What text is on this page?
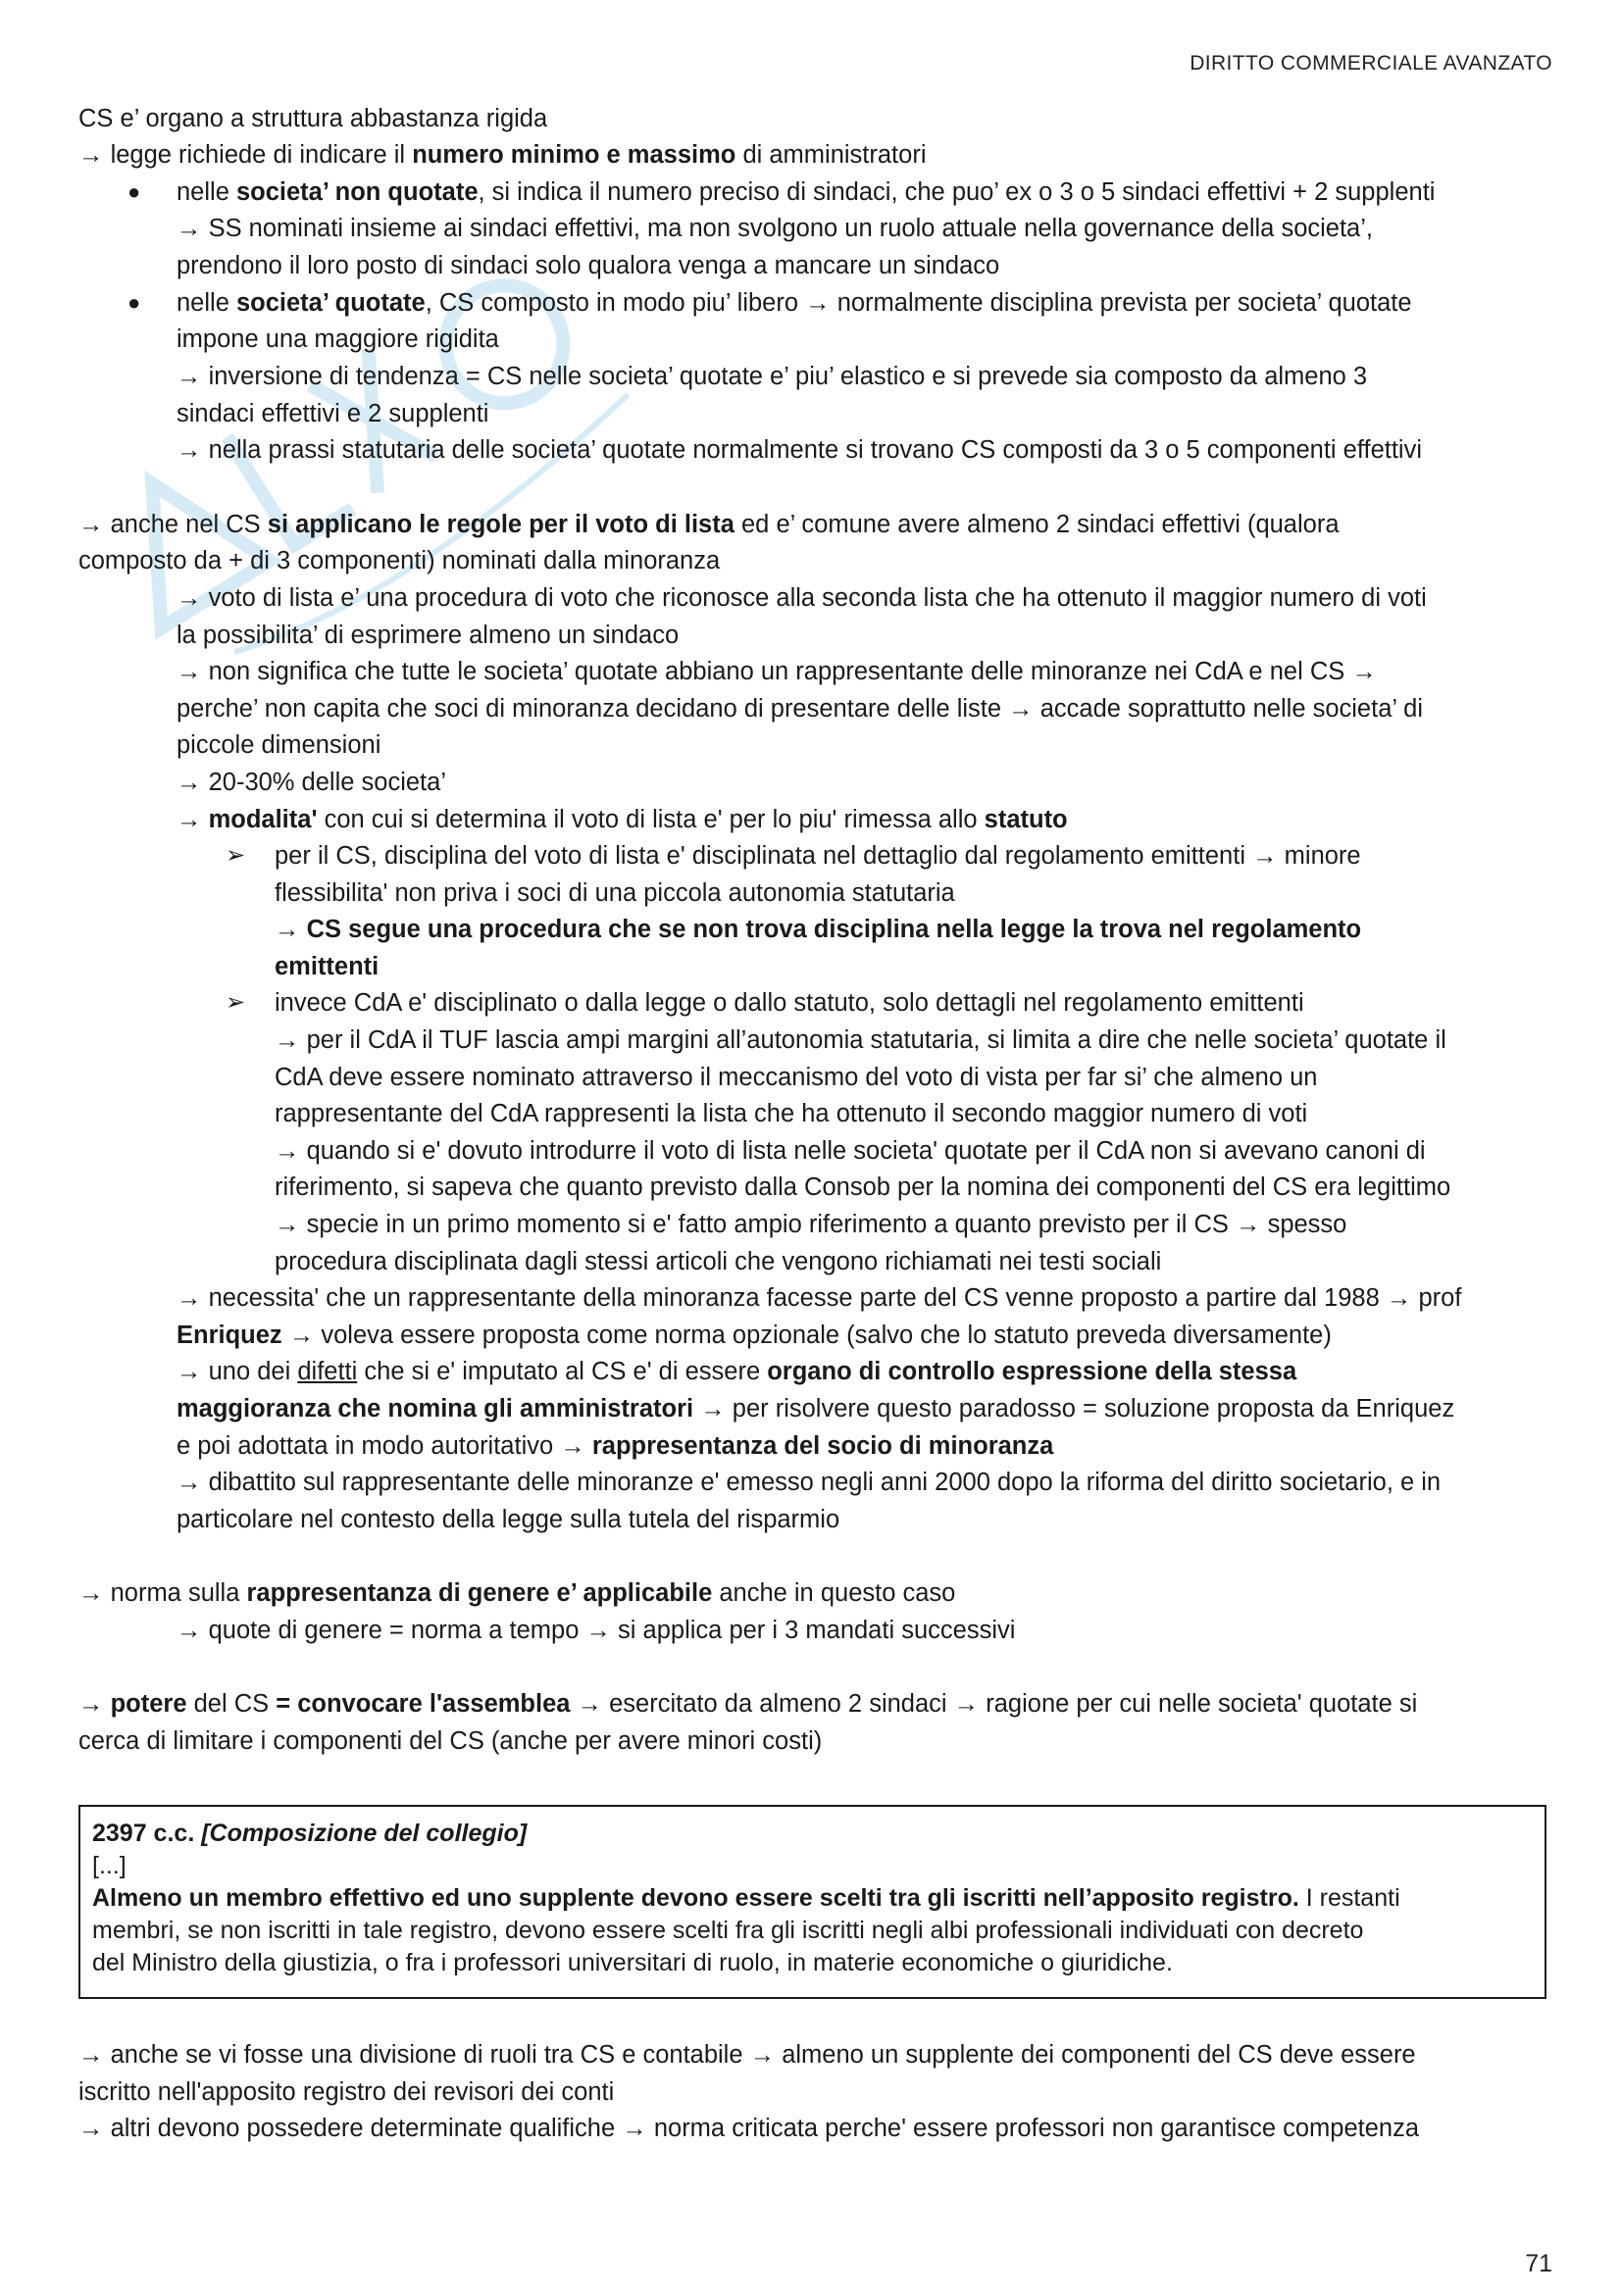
DIRITTO COMMERCIALE AVANZATO
CS e’ organo a struttura abbastanza rigida
→ legge richiede di indicare il numero minimo e massimo di amministratori
● nelle societa’ non quotate, si indica il numero preciso di sindaci, che puo’ ex o 3 o 5 sindaci effettivi + 2 supplenti
→ SS nominati insieme ai sindaci effettivi, ma non svolgono un ruolo attuale nella governance della societa’,
prendono il loro posto di sindaci solo qualora venga a mancare un sindaco
● nelle societa’ quotate, CS composto in modo piu’ libero → normalmente disciplina prevista per societa’ quotate
impone una maggiore rigidita
→ inversione di tendenza = CS nelle societa’ quotate e’ piu’ elastico e si prevede sia composto da almeno 3
sindaci effettivi e 2 supplenti
→ nella prassi statutaria delle societa’ quotate normalmente si trovano CS composti da 3 o 5 componenti effettivi
→ anche nel CS si applicano le regole per il voto di lista ed e’ comune avere almeno 2 sindaci effettivi (qualora
composto da + di 3 componenti) nominati dalla minoranza
→ voto di lista e’ una procedura di voto che riconosce alla seconda lista che ha ottenuto il maggior numero di voti
la possibilita’ di esprimere almeno un sindaco
→ non significa che tutte le societa’ quotate abbiano un rappresentante delle minoranze nei CdA e nel CS →
perche’ non capita che soci di minoranza decidano di presentare delle liste → accade soprattutto nelle societa’ di
piccole dimensioni
→ 20-30% delle societa’
→ modalita' con cui si determina il voto di lista e' per lo piu' rimessa allo statuto
➢ per il CS, disciplina del voto di lista e' disciplinata nel dettaglio dal regolamento emittenti → minore
flessibilita' non priva i soci di una piccola autonomia statutaria
→ CS segue una procedura che se non trova disciplina nella legge la trova nel regolamento
emittenti
➢ invece CdA e' disciplinato o dalla legge o dallo statuto, solo dettagli nel regolamento emittenti
→ per il CdA il TUF lascia ampi margini all’autonomia statutaria, si limita a dire che nelle societa’ quotate il
CdA deve essere nominato attraverso il meccanismo del voto di vista per far si’ che almeno un
rappresentante del CdA rappresenti la lista che ha ottenuto il secondo maggior numero di voti
→ quando si e' dovuto introdurre il voto di lista nelle societa' quotate per il CdA non si avevano canoni di
riferimento, si sapeva che quanto previsto dalla Consob per la nomina dei componenti del CS era legittimo
→ specie in un primo momento si e' fatto ampio riferimento a quanto previsto per il CS → spesso
procedura disciplinata dagli stessi articoli che vengono richiamati nei testi sociali
→ necessita' che un rappresentante della minoranza facesse parte del CS venne proposto a partire dal 1988 → prof
Enriquez → voleva essere proposta come norma opzionale (salvo che lo statuto preveda diversamente)
→ uno dei difetti che si e' imputato al CS e' di essere organo di controllo espressione della stessa
maggioranza che nomina gli amministratori → per risolvere questo paradosso = soluzione proposta da Enriquez
e poi adottata in modo autoritativo → rappresentanza del socio di minoranza
→ dibattito sul rappresentante delle minoranze e' emesso negli anni 2000 dopo la riforma del diritto societario, e in
particolare nel contesto della legge sulla tutela del risparmio
→ norma sulla rappresentanza di genere e’ applicabile anche in questo caso
→ quote di genere = norma a tempo → si applica per i 3 mandati successivi
→ potere del CS = convocare l'assemblea → esercitato da almeno 2 sindaci → ragione per cui nelle societa' quotate si
cerca di limitare i componenti del CS (anche per avere minori costi)
2397 c.c. [Composizione del collegio]
[...]
Almeno un membro effettivo ed uno supplente devono essere scelti tra gli iscritti nell’apposito registro. I restanti
membri, se non iscritti in tale registro, devono essere scelti fra gli iscritti negli albi professionali individuati con decreto
del Ministro della giustizia, o fra i professori universitari di ruolo, in materie economiche o giuridiche.
→ anche se vi fosse una divisione di ruoli tra CS e contabile → almeno un supplente dei componenti del CS deve essere
iscritto nell'apposito registro dei revisori dei conti
→ altri devono possedere determinate qualifiche → norma criticata perche' essere professori non garantisce competenza
71
